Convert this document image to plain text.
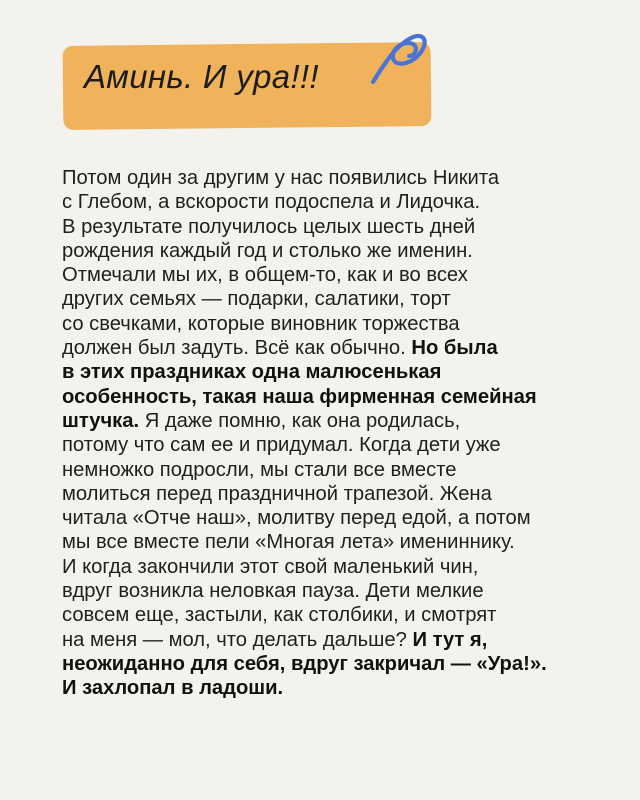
Аминь. И ура!!!
Потом один за другим у нас появились Никита
с Глебом, а вскорости подоспела и Лидочка.
В результате получилось целых шесть дней
рождения каждый год и столько же именин.
Отмечали мы их, в общем-то, как и во всех
других семьях — подарки, салатики, торт
со свечками, которые виновник торжества
должен был задуть. Всё как обычно. Но была
в этих праздниках одна малюсенькая
особенность, такая наша фирменная семейная
штучка. Я даже помню, как она родилась,
потому что сам ее и придумал. Когда дети уже
немножко подросли, мы стали все вместе
молиться перед праздничной трапезой. Жена
читала «Отче наш», молитву перед едой, а потом
мы все вместе пели «Многая лета» имениннику.
И когда закончили этот свой маленький чин,
вдруг возникла неловкая пауза. Дети мелкие
совсем еще, застыли, как столбики, и смотрят
на меня — мол, что делать дальше? И тут я,
неожиданно для себя, вдруг закричал — «Ура!».
И захлопал в ладоши.
